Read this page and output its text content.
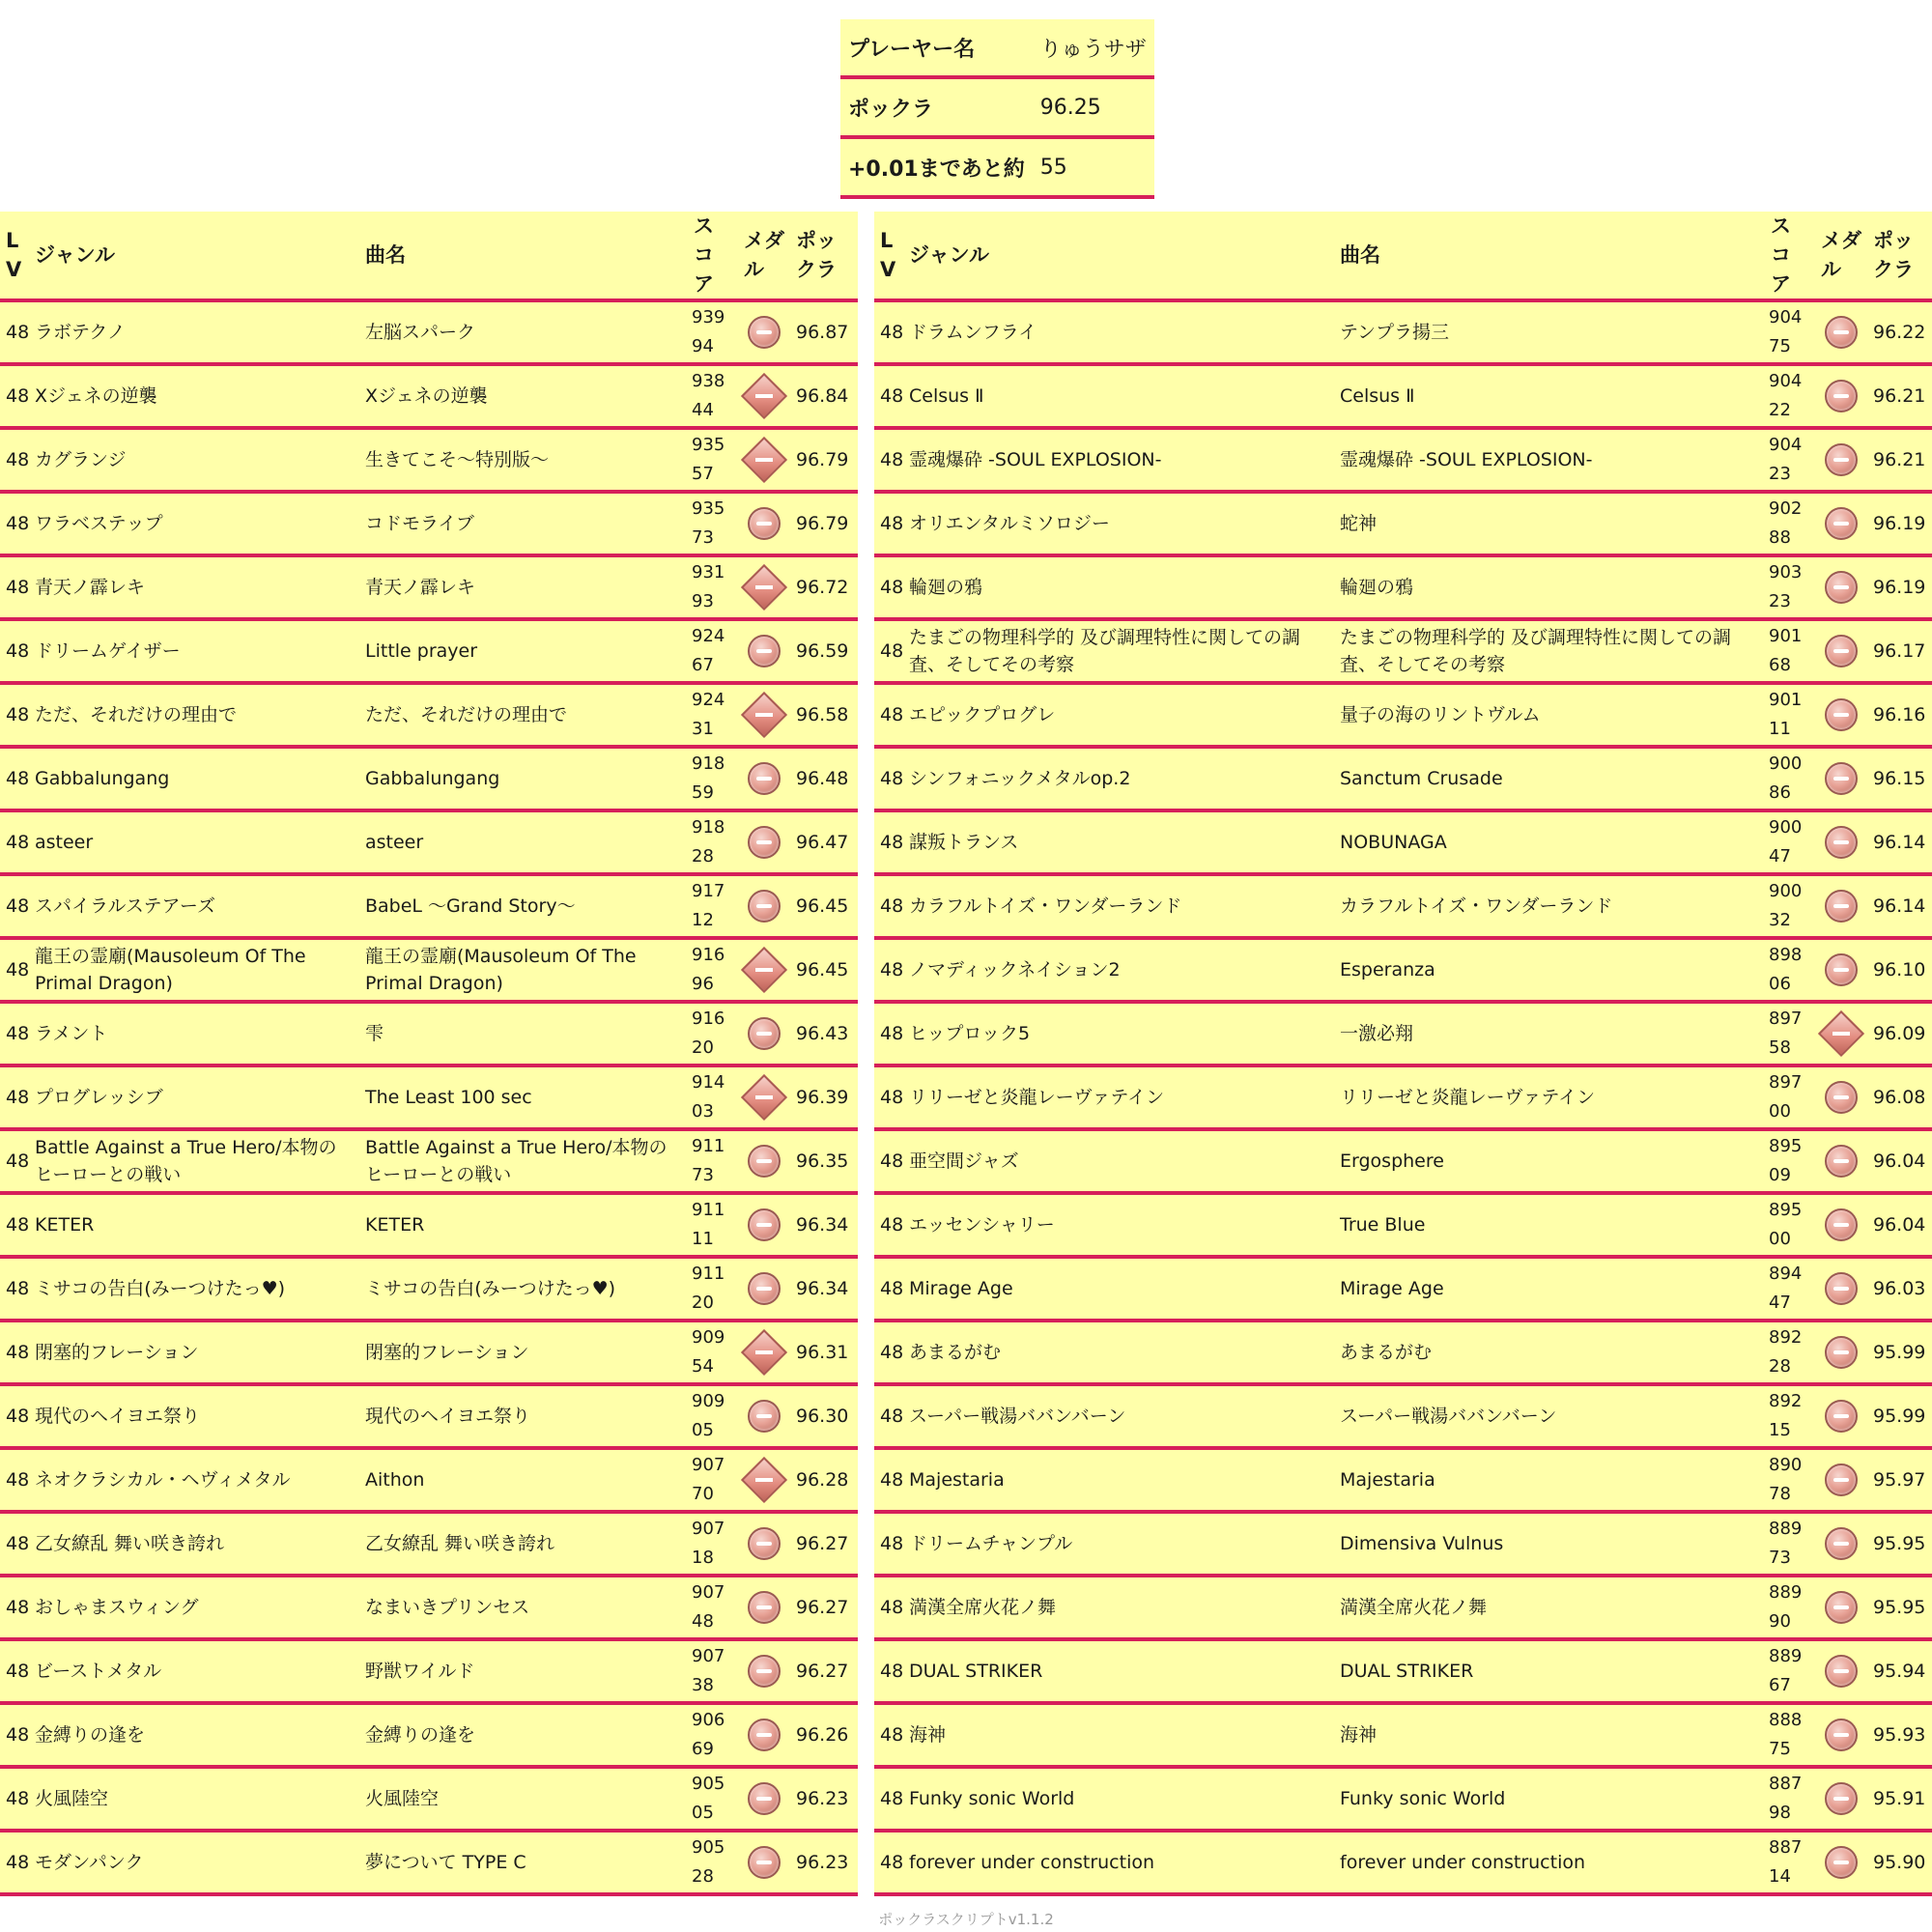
プレーヤー名	りゅうサザ
ポックラ	96.25
+0.01まであと約	55
LV	ジャンル	曲名	スコア	メダル	ポックラ
48	ラボテクノ	左脳スパーク	93994		96.87
48	Xジェネの逆襲	Xジェネの逆襲	93844		96.84
48	カグランジ	生きてこそ～特別版～	93557		96.79
48	ワラベステップ	コドモライブ	93573		96.79
48	青天ノ霹レキ	青天ノ霹レキ	93193		96.72
48	ドリームゲイザー	Little prayer	92467		96.59
48	ただ、それだけの理由で	ただ、それだけの理由で	92431		96.58
48	Gabbalungang	Gabbalungang	91859		96.48
48	asteer	asteer	91828		96.47
48	スパイラルステアーズ	BabeL ～Grand Story～	91712		96.45
48	龍王の霊廟(Mausoleum Of The Primal Dragon)	龍王の霊廟(Mausoleum Of The Primal Dragon)	91696		96.45
48	ラメント	雫	91620		96.43
48	プログレッシブ	The Least 100 sec	91403		96.39
48	Battle Against a True Hero/本物のヒーローとの戦い	Battle Against a True Hero/本物のヒーローとの戦い	91173		96.35
48	KETER	KETER	91111		96.34
48	ミサコの告白(みーつけたっ♥)	ミサコの告白(みーつけたっ♥)	91120		96.34
48	閉塞的フレーション	閉塞的フレーション	90954		96.31
48	現代のヘイヨエ祭り	現代のヘイヨエ祭り	90905		96.30
48	ネオクラシカル・ヘヴィメタル	Aithon	90770		96.28
48	乙女繚乱 舞い咲き誇れ	乙女繚乱 舞い咲き誇れ	90718		96.27
48	おしゃまスウィング	なまいきプリンセス	90748		96.27
48	ビーストメタル	野獣ワイルド	90738		96.27
48	金縛りの逢を	金縛りの逢を	90669		96.26
48	火風陸空	火風陸空	90505		96.23
48	モダンパンク	夢について TYPE C	90528		96.23
LV	ジャンル	曲名	スコア	メダル	ポックラ
48	ドラムンフライ	テンプラ揚三	90475		96.22
48	Celsus Ⅱ	Celsus Ⅱ	90422		96.21
48	霊魂爆砕 -SOUL EXPLOSION-	霊魂爆砕 -SOUL EXPLOSION-	90423		96.21
48	オリエンタルミソロジー	蛇神	90288		96.19
48	輪廻の鴉	輪廻の鴉	90323		96.19
48	たまごの物理科学的 及び調理特性に関しての調査、そしてその考察	たまごの物理科学的 及び調理特性に関しての調査、そしてその考察	90168		96.17
48	エピックプログレ	量子の海のリントヴルム	90111		96.16
48	シンフォニックメタルop.2	Sanctum Crusade	90086		96.15
48	謀叛トランス	NOBUNAGA	90047		96.14
48	カラフルトイズ・ワンダーランド	カラフルトイズ・ワンダーランド	90032		96.14
48	ノマディックネイション2	Esperanza	89806		96.10
48	ヒップロック5	一激必翔	89758		96.09
48	リリーゼと炎龍レーヴァテイン	リリーゼと炎龍レーヴァテイン	89700		96.08
48	亜空間ジャズ	Ergosphere	89509		96.04
48	エッセンシャリー	True Blue	89500		96.04
48	Mirage Age	Mirage Age	89447		96.03
48	あまるがむ	あまるがむ	89228		95.99
48	スーパー戦湯ババンバーン	スーパー戦湯ババンバーン	89215		95.99
48	Majestaria	Majestaria	89078		95.97
48	ドリームチャンプル	Dimensiva Vulnus	88973		95.95
48	満漢全席火花ノ舞	満漢全席火花ノ舞	88990		95.95
48	DUAL STRIKER	DUAL STRIKER	88967		95.94
48	海神	海神	88875		95.93
48	Funky sonic World	Funky sonic World	88798		95.91
48	forever under construction	forever under construction	88714		95.90
ポックラスクリプトv1.1.2
